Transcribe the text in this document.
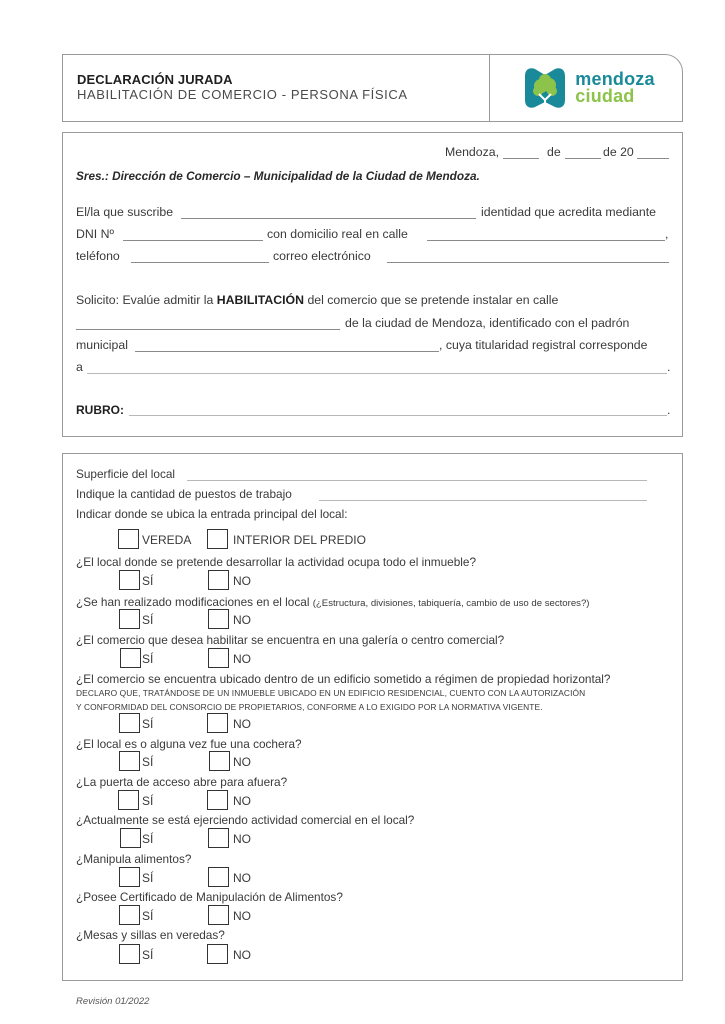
DECLARACIÓN JURADA
HABILITACIÓN DE COMERCIO - PERSONA FÍSICA
mendoza
ciudad
Mendoza,	de	de 20
Sres.: Dirección de Comercio – Municipalidad de la Ciudad de Mendoza.
El/la que suscribe	identidad que acredita mediante
DNI Nº	con domicilio real en calle	,
teléfono	correo electrónico
Solicito: Evalúe admitir la HABILITACIÓN del comercio que se pretende instalar en calle
de la ciudad de Mendoza, identificado con el padrón
municipal	, cuya titularidad registral corresponde
a	.
RUBRO:	.
Superficie del local
Indique la cantidad de puestos de trabajo
Indicar donde se ubica la entrada principal del local:
VEREDA	INTERIOR DEL PREDIO
¿El local donde se pretende desarrollar la actividad ocupa todo el inmueble?
SÍ	NO
¿Se han realizado modificaciones en el local (¿Estructura, divisiones, tabiquería, cambio de uso de sectores?)
SÍ	NO
¿El comercio que desea habilitar se encuentra en una galería o centro comercial?
SÍ	NO
¿El comercio se encuentra ubicado dentro de un edificio sometido a régimen de propiedad horizontal?
DECLARO QUE, TRATÁNDOSE DE UN INMUEBLE UBICADO EN UN EDIFICIO RESIDENCIAL, CUENTO CON LA AUTORIZACIÓN
Y CONFORMIDAD DEL CONSORCIO DE PROPIETARIOS, CONFORME A LO EXIGIDO POR LA NORMATIVA VIGENTE.
SÍ	NO
¿El local es o alguna vez fue una cochera?
SÍ	NO
¿La puerta de acceso abre para afuera?
SÍ	NO
¿Actualmente se está ejerciendo actividad comercial en el local?
SÍ	NO
¿Manipula alimentos?
SÍ	NO
¿Posee Certificado de Manipulación de Alimentos?
SÍ	NO
¿Mesas y sillas en veredas?
SÍ	NO
Revisión 01/2022
